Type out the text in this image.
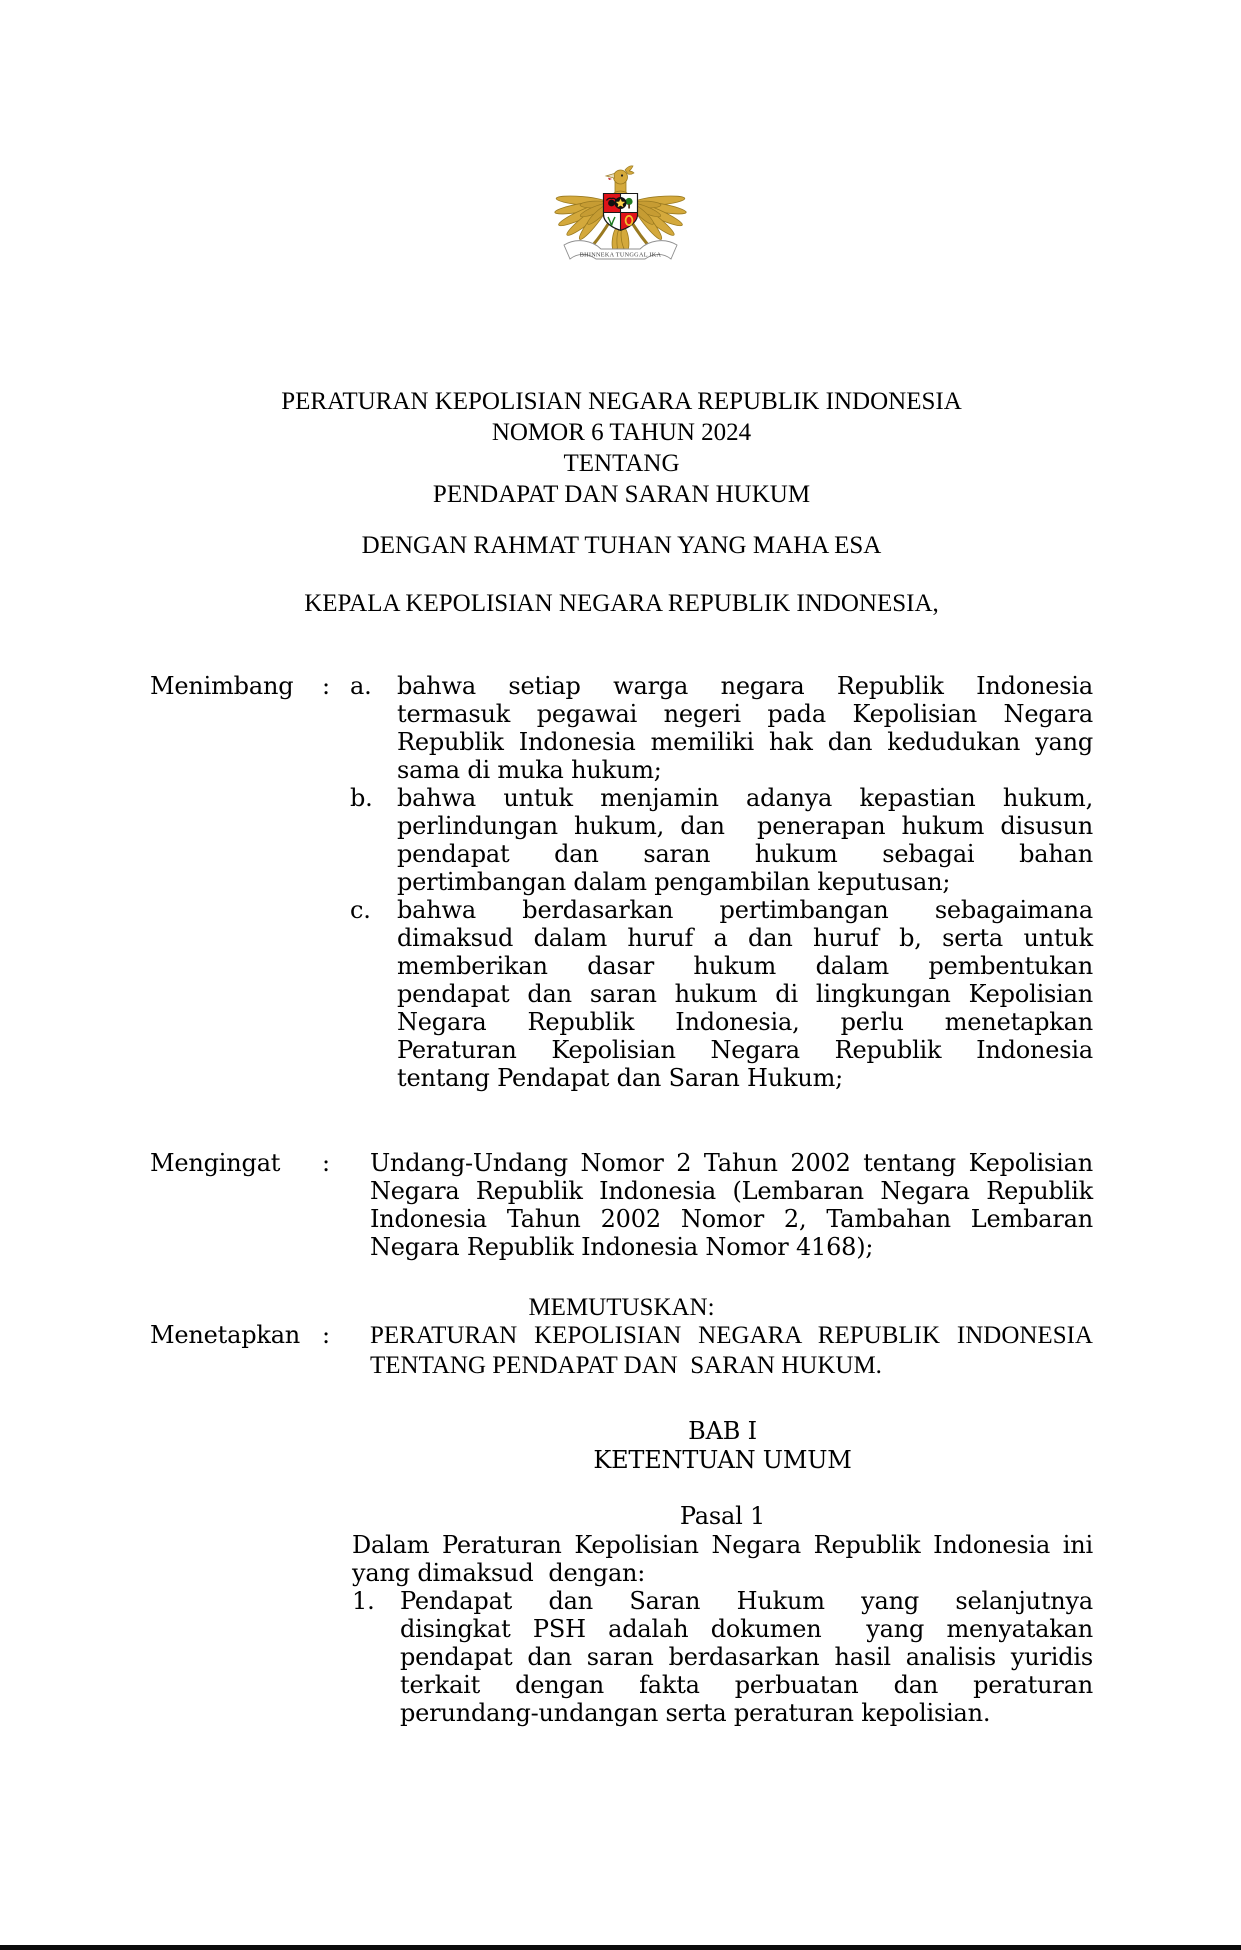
BHINNEKA TUNGGAL IKA
PERATURAN KEPOLISIAN NEGARA REPUBLIK INDONESIA
NOMOR 6 TAHUN 2024
TENTANG
PENDAPAT DAN SARAN HUKUM
DENGAN RAHMAT TUHAN YANG MAHA ESA
KEPALA KEPOLISIAN NEGARA REPUBLIK INDONESIA,
Menimbang	: a.	bahwa setiap warga negara Republik Indonesia
termasuk pegawai negeri pada Kepolisian Negara
Republik Indonesia memiliki hak dan kedudukan yang
sama di muka hukum;
b.	bahwa untuk menjamin adanya kepastian hukum,
perlindungan hukum, dan  penerapan hukum disusun
pendapat dan saran hukum sebagai bahan
pertimbangan dalam pengambilan keputusan;
c.	bahwa berdasarkan pertimbangan sebagaimana
dimaksud dalam huruf a dan huruf b, serta untuk
memberikan dasar hukum dalam pembentukan
pendapat dan saran hukum di lingkungan Kepolisian
Negara Republik Indonesia, perlu menetapkan
Peraturan Kepolisian Negara Republik Indonesia
tentang Pendapat dan Saran Hukum;
Mengingat	:	Undang-Undang Nomor 2 Tahun 2002 tentang Kepolisian
Negara Republik Indonesia (Lembaran Negara Republik
Indonesia Tahun 2002 Nomor 2, Tambahan Lembaran
Negara Republik Indonesia Nomor 4168);
MEMUTUSKAN:
Menetapkan :	PERATURAN KEPOLISIAN NEGARA REPUBLIK INDONESIA
TENTANG PENDAPAT DAN  SARAN HUKUM.
BAB I
KETENTUAN UMUM
Pasal 1
Dalam Peraturan Kepolisian Negara Republik Indonesia ini
yang dimaksud  dengan:
1.	Pendapat dan Saran Hukum yang selanjutnya
disingkat PSH adalah dokumen  yang menyatakan
pendapat dan saran berdasarkan hasil analisis yuridis
terkait dengan fakta perbuatan dan peraturan
perundang-undangan serta peraturan kepolisian.
